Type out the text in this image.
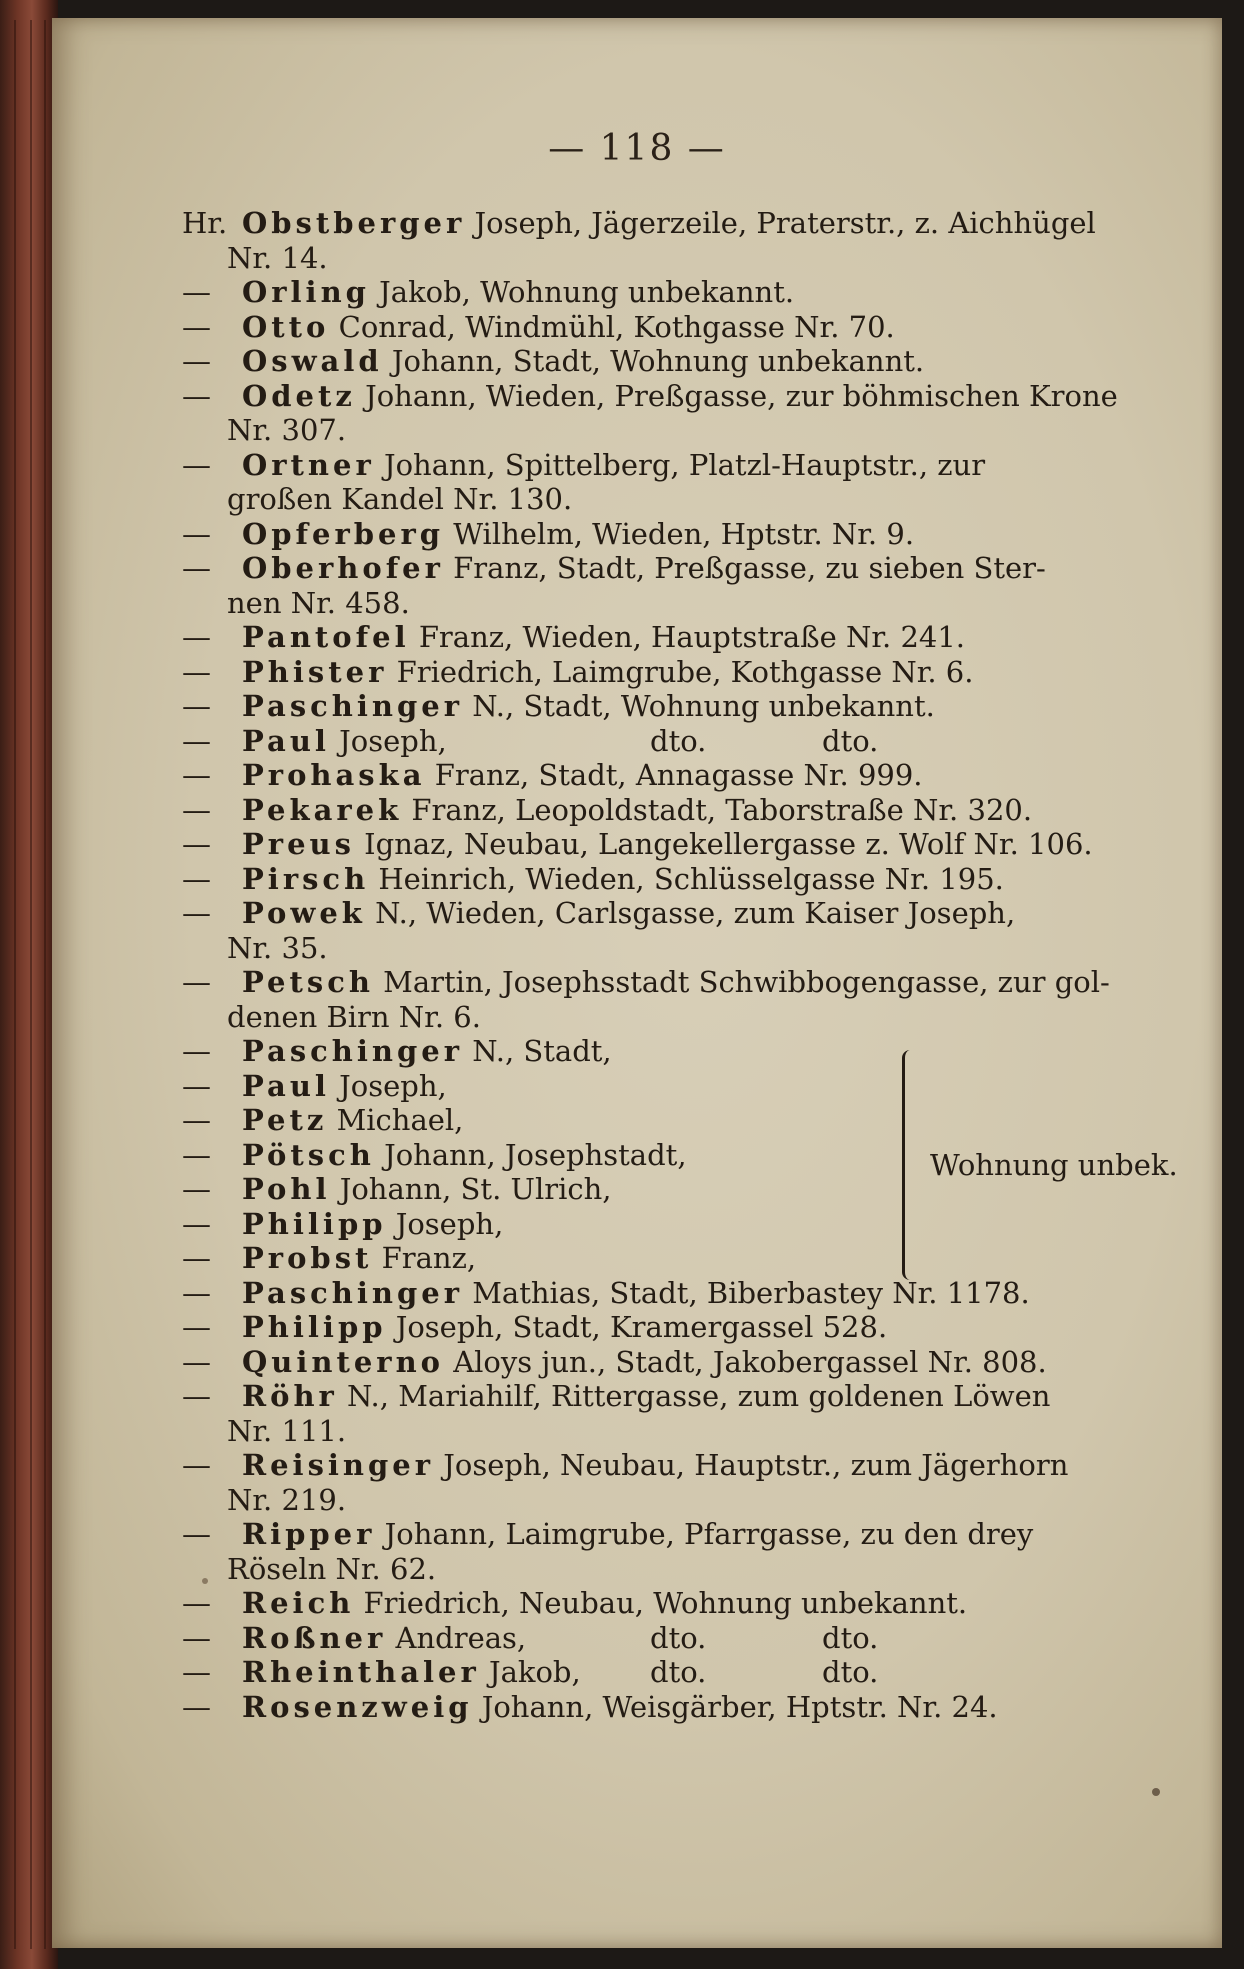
— 118 —
Hr. Obstberger Joseph, Jägerzeile, Praterstr., z. Aichhügel
Nr. 14.
— Orling Jakob, Wohnung unbekannt.
— Otto Conrad, Windmühl, Kothgasse Nr. 70.
— Oswald Johann, Stadt, Wohnung unbekannt.
— Odetz Johann, Wieden, Preßgasse, zur böhmischen Krone
Nr. 307.
— Ortner Johann, Spittelberg, Platzl-Hauptstr., zur
großen Kandel Nr. 130.
— Opferberg Wilhelm, Wieden, Hptstr. Nr. 9.
— Oberhofer Franz, Stadt, Preßgasse, zu sieben Ster-
nen Nr. 458.
— Pantofel Franz, Wieden, Hauptstraße Nr. 241.
— Phister Friedrich, Laimgrube, Kothgasse Nr. 6.
— Paschinger N., Stadt, Wohnung unbekannt.
— Paul Joseph,	dto.	dto.
— Prohaska Franz, Stadt, Annagasse Nr. 999.
— Pekarek Franz, Leopoldstadt, Taborstraße Nr. 320.
— Preus Ignaz, Neubau, Langekellergasse z. Wolf Nr. 106.
— Pirsch Heinrich, Wieden, Schlüsselgasse Nr. 195.
— Powek N., Wieden, Carlsgasse, zum Kaiser Joseph,
Nr. 35.
— Petsch Martin, Josephsstadt Schwibbogengasse, zur gol-
denen Birn Nr. 6.
— Paschinger N., Stadt,
— Paul Joseph,
— Petz Michael,
— Pötsch Johann, Josephstadt,
— Pohl Johann, St. Ulrich,
— Philipp Joseph,
— Probst Franz,
— Paschinger Mathias, Stadt, Biberbastey Nr. 1178.
— Philipp Joseph, Stadt, Kramergassel 528.
— Quinterno Aloys jun., Stadt, Jakobergassel Nr. 808.
— Röhr N., Mariahilf, Rittergasse, zum goldenen Löwen
Nr. 111.
— Reisinger Joseph, Neubau, Hauptstr., zum Jägerhorn
Nr. 219.
— Ripper Johann, Laimgrube, Pfarrgasse, zu den drey
Röseln Nr. 62.
— Reich Friedrich, Neubau, Wohnung unbekannt.
— Roßner Andreas,	dto.	dto.
— Rheinthaler Jakob,	dto.	dto.
— Rosenzweig Johann, Weisgärber, Hptstr. Nr. 24.
Wohnung unbek.
